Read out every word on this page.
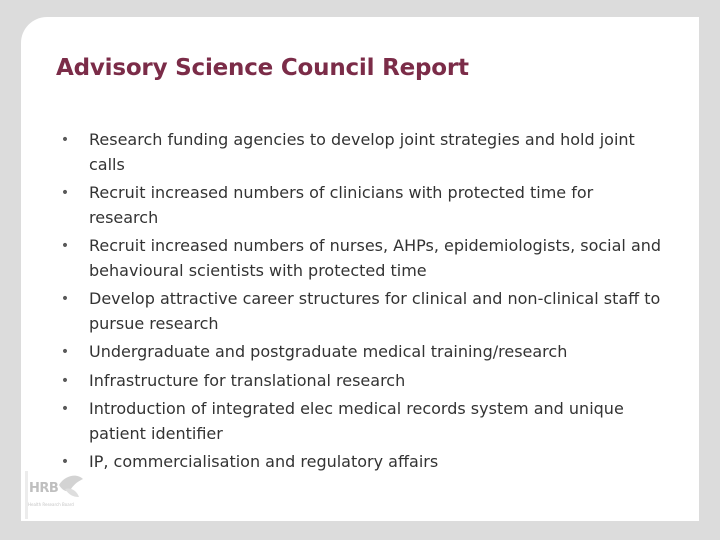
Advisory Science Council Report
• Research funding agencies to develop joint strategies and hold joint calls
• Recruit increased numbers of clinicians with protected time for research
• Recruit increased numbers of nurses, AHPs, epidemiologists, social and behavioural scientists with protected time
• Develop attractive career structures for clinical and non-clinical staff to pursue research
• Undergraduate and postgraduate medical training/research
• Infrastructure for translational research
• Introduction of integrated elec medical records system and unique patient identifier
• IP, commercialisation and regulatory affairs
HRB
Health Research Board
